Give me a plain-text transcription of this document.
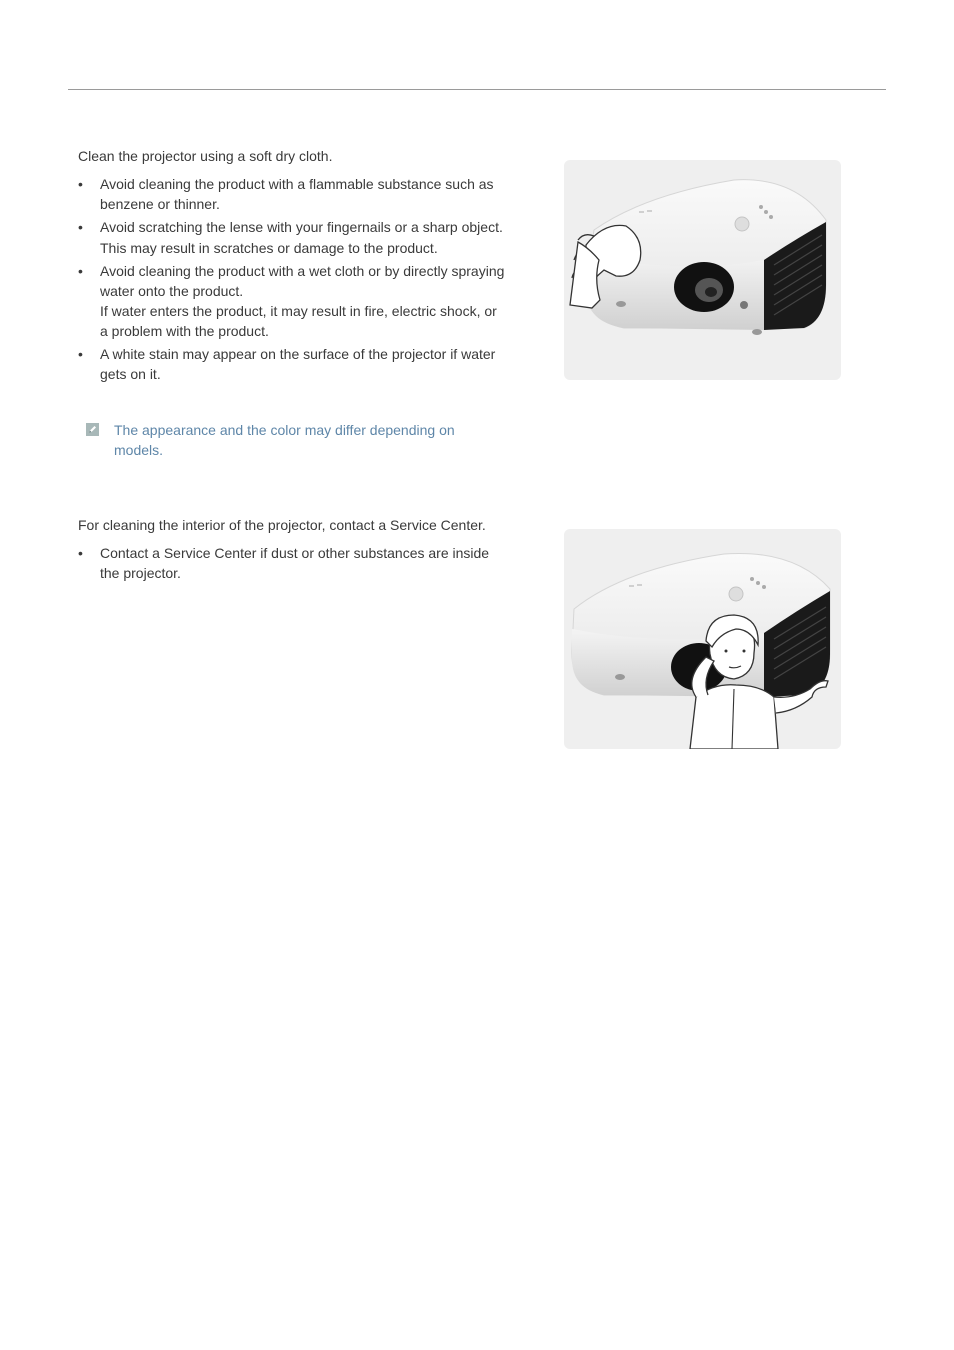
Clean the projector using a soft dry cloth.

• Avoid cleaning the product with a flammable substance such as benzene or thinner.
• Avoid scratching the lense with your fingernails or a sharp object.
This may result in scratches or damage to the product.
• Avoid cleaning the product with a wet cloth or by directly spraying water onto the product.
If water enters the product, it may result in fire, electric shock, or a problem with the product.
• A white stain may appear on the surface of the projector if water gets on it.
The appearance and the color may differ depending on models.

For cleaning the interior of the projector, contact a Service Center.

• Contact a Service Center if dust or other substances are inside the projector.
